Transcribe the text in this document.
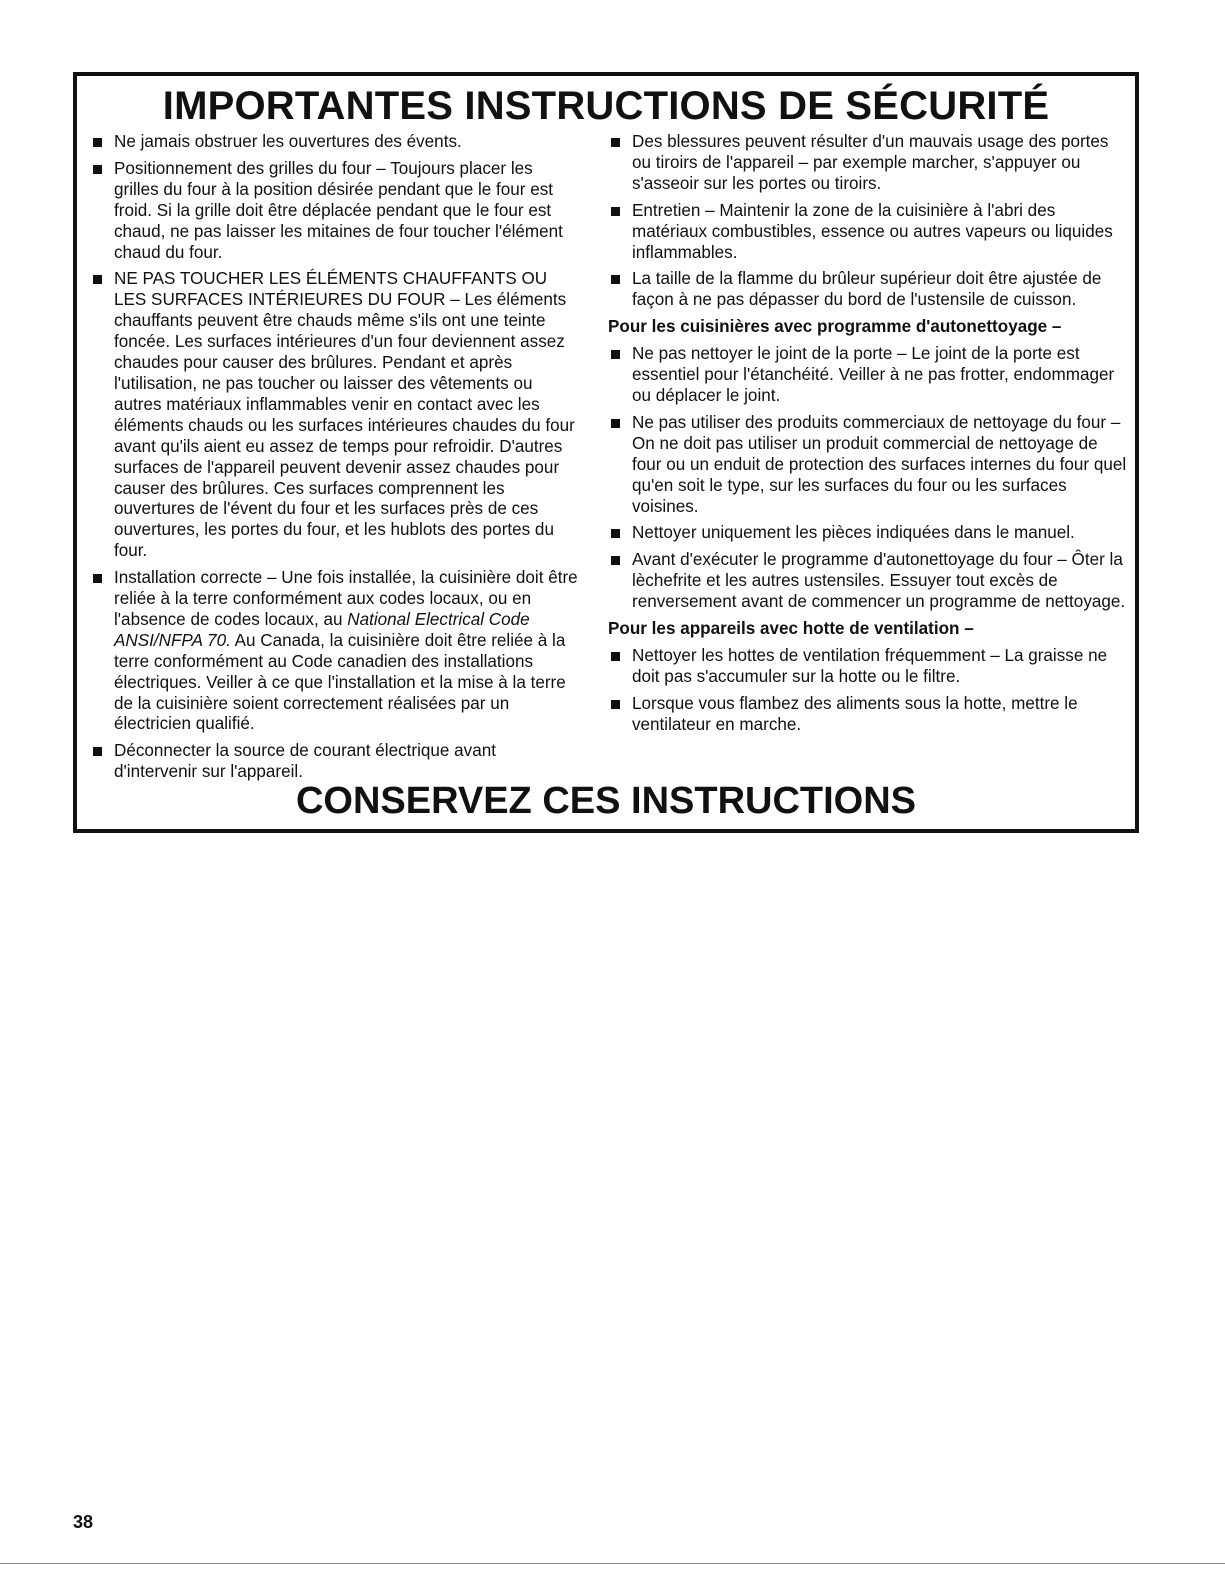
IMPORTANTES INSTRUCTIONS DE SÉCURITÉ
Ne jamais obstruer les ouvertures des évents.
Positionnement des grilles du four – Toujours placer les grilles du four à la position désirée pendant que le four est froid. Si la grille doit être déplacée pendant que le four est chaud, ne pas laisser les mitaines de four toucher l'élément chaud du four.
NE PAS TOUCHER LES ÉLÉMENTS CHAUFFANTS OU LES SURFACES INTÉRIEURES DU FOUR – Les éléments chauffants peuvent être chauds même s'ils ont une teinte foncée. Les surfaces intérieures d'un four deviennent assez chaudes pour causer des brûlures. Pendant et après l'utilisation, ne pas toucher ou laisser des vêtements ou autres matériaux inflammables venir en contact avec les éléments chauds ou les surfaces intérieures chaudes du four avant qu'ils aient eu assez de temps pour refroidir. D'autres surfaces de l'appareil peuvent devenir assez chaudes pour causer des brûlures. Ces surfaces comprennent les ouvertures de l'évent du four et les surfaces près de ces ouvertures, les portes du four, et les hublots des portes du four.
Installation correcte – Une fois installée, la cuisinière doit être reliée à la terre conformément aux codes locaux, ou en l'absence de codes locaux, au National Electrical Code ANSI/NFPA 70. Au Canada, la cuisinière doit être reliée à la terre conformément au Code canadien des installations électriques. Veiller à ce que l'installation et la mise à la terre de la cuisinière soient correctement réalisées par un électricien qualifié.
Déconnecter la source de courant électrique avant d'intervenir sur l'appareil.
Des blessures peuvent résulter d'un mauvais usage des portes ou tiroirs de l'appareil – par exemple marcher, s'appuyer ou s'asseoir sur les portes ou tiroirs.
Entretien – Maintenir la zone de la cuisinière à l'abri des matériaux combustibles, essence ou autres vapeurs ou liquides inflammables.
La taille de la flamme du brûleur supérieur doit être ajustée de façon à ne pas dépasser du bord de l'ustensile de cuisson.
Pour les cuisinières avec programme d'autonettoyage –
Ne pas nettoyer le joint de la porte – Le joint de la porte est essentiel pour l'étanchéité. Veiller à ne pas frotter, endommager ou déplacer le joint.
Ne pas utiliser des produits commerciaux de nettoyage du four – On ne doit pas utiliser un produit commercial de nettoyage de four ou un enduit de protection des surfaces internes du four quel qu'en soit le type, sur les surfaces du four ou les surfaces voisines.
Nettoyer uniquement les pièces indiquées dans le manuel.
Avant d'exécuter le programme d'autonettoyage du four – Ôter la lèchefrite et les autres ustensiles. Essuyer tout excès de renversement avant de commencer un programme de nettoyage.
Pour les appareils avec hotte de ventilation –
Nettoyer les hottes de ventilation fréquemment – La graisse ne doit pas s'accumuler sur la hotte ou le filtre.
Lorsque vous flambez des aliments sous la hotte, mettre le ventilateur en marche.
CONSERVEZ CES INSTRUCTIONS
38
